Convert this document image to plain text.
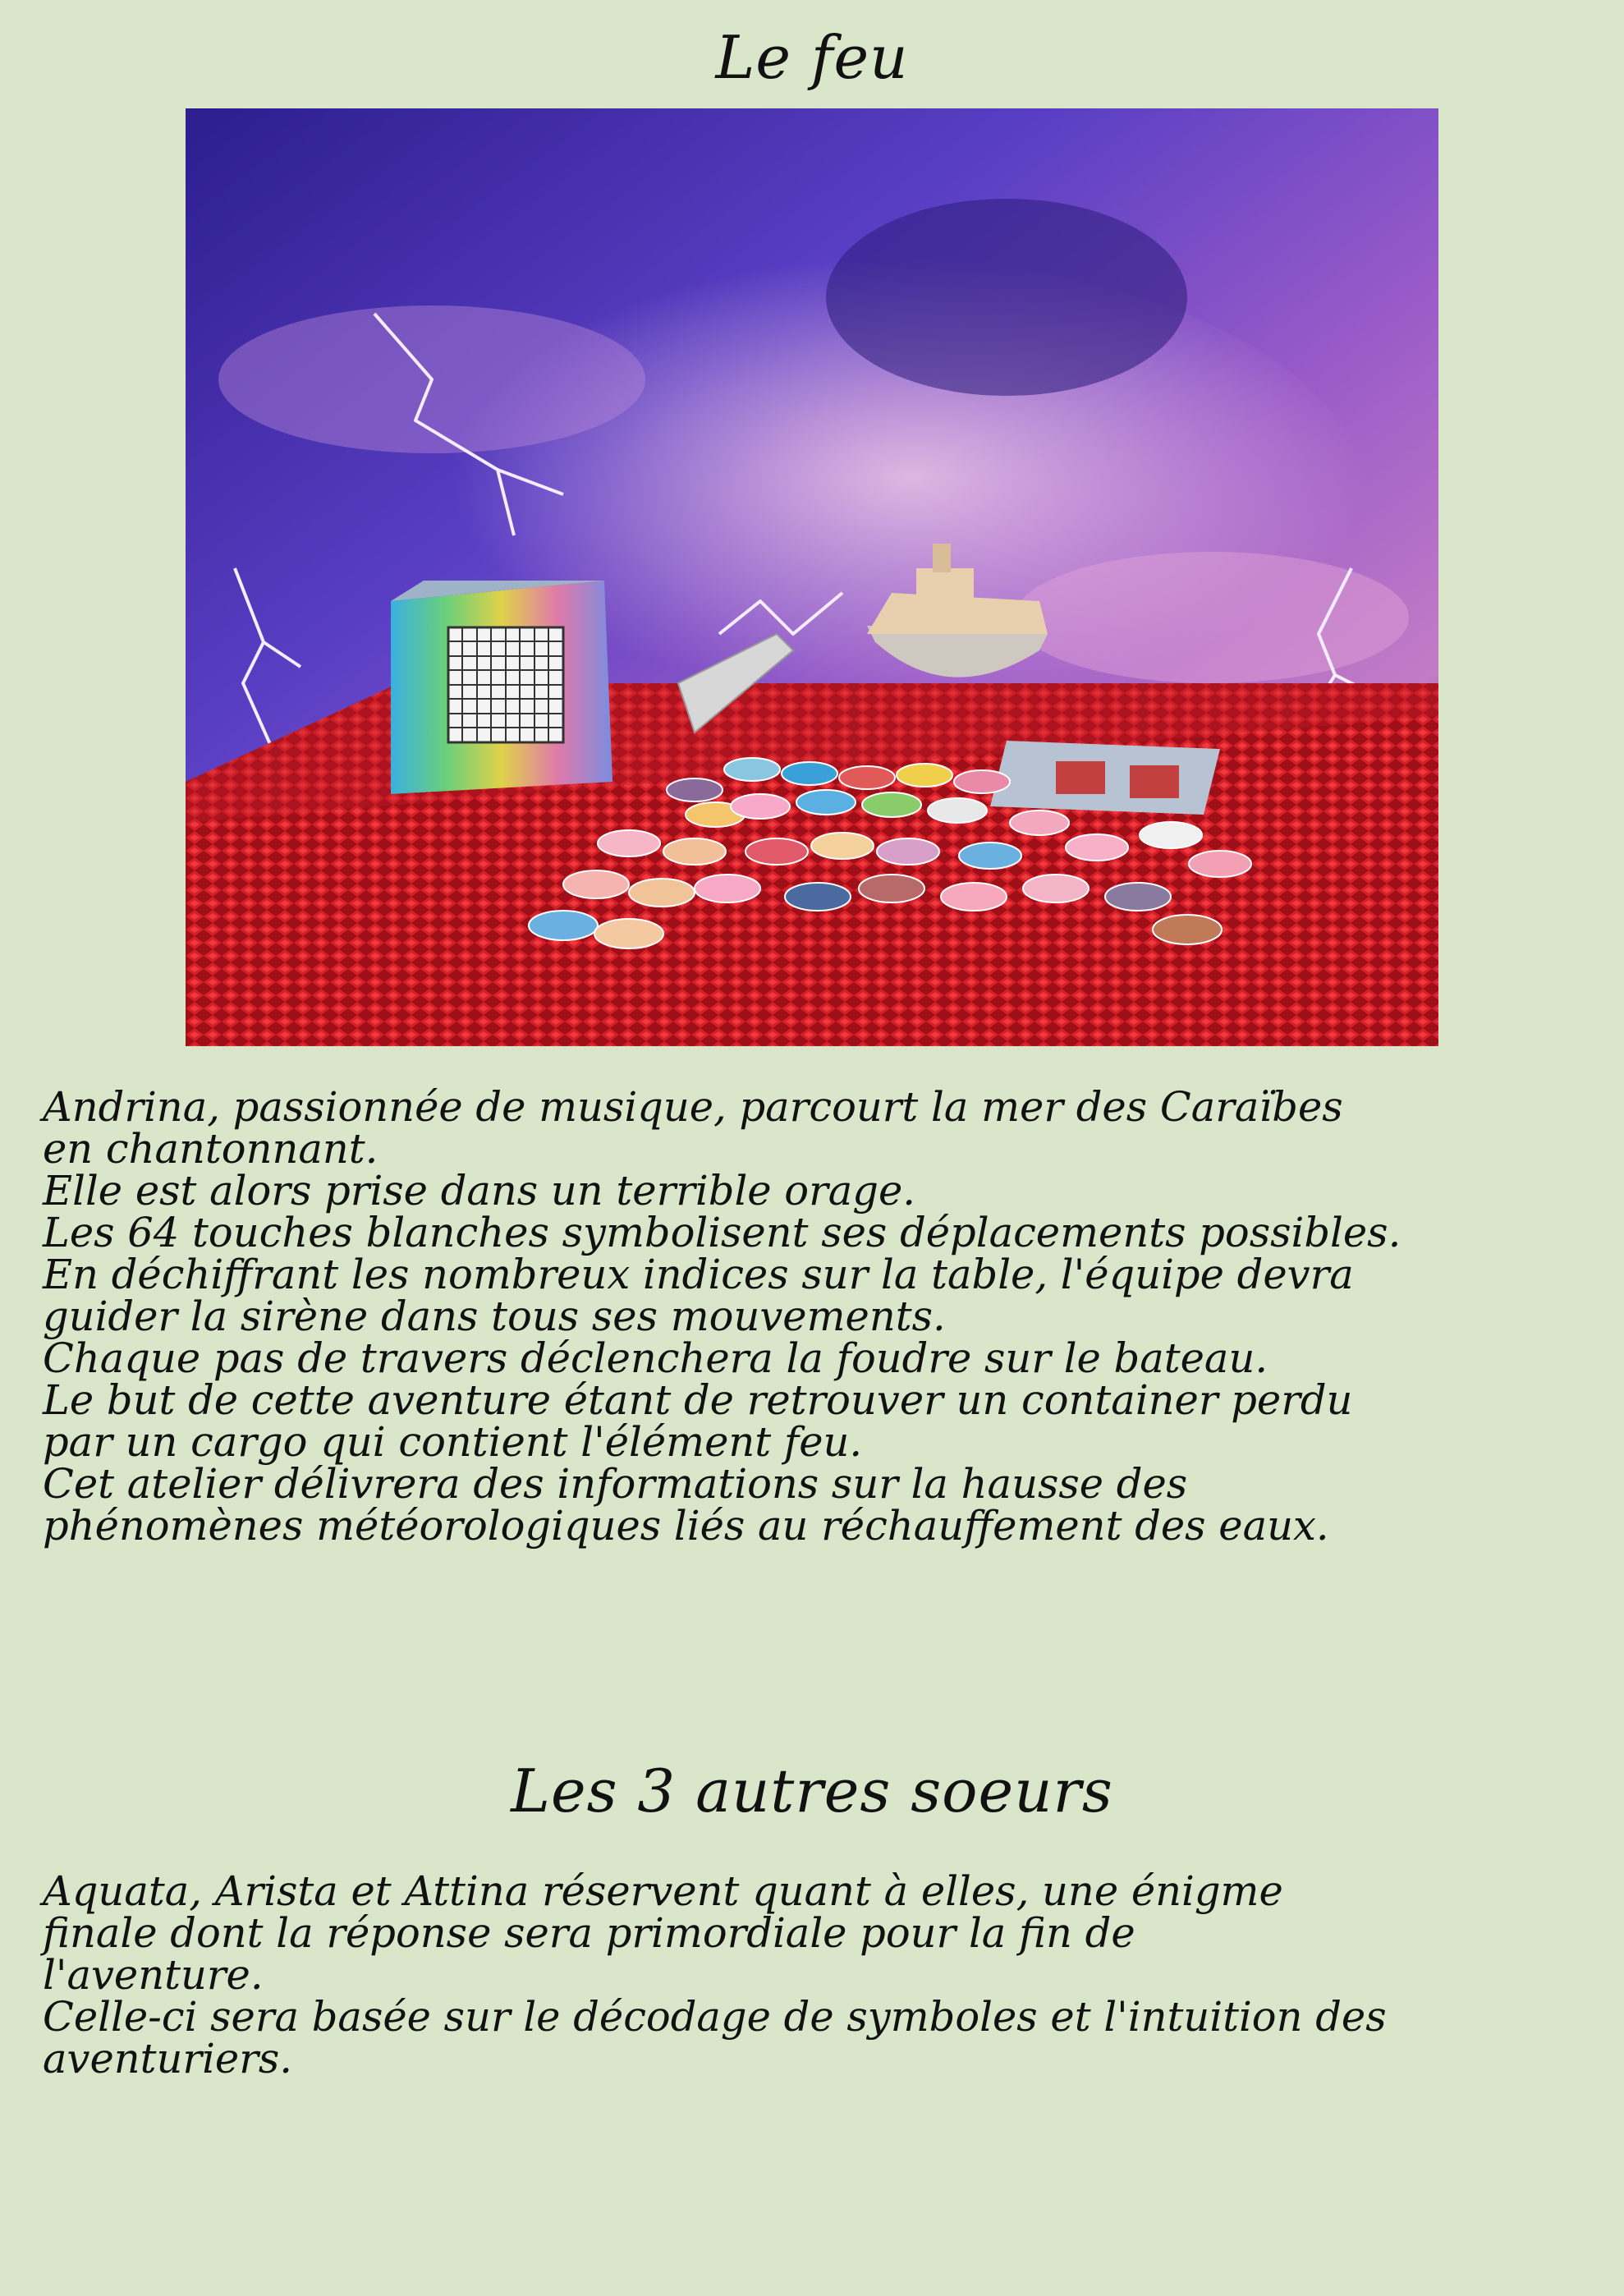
Le feu
Andrina, passionnée de musique, parcourt la mer des Caraïbes
en chantonnant.
Elle est alors prise dans un terrible orage.
Les 64 touches blanches symbolisent ses déplacements possibles.
En déchiffrant les nombreux indices sur la table, l'équipe devra
guider la sirène dans tous ses mouvements.
Chaque pas de travers déclenchera la foudre sur le bateau.
Le but de cette aventure étant de retrouver un container perdu
par un cargo qui contient l'élément feu.
Cet atelier délivrera des informations sur la hausse des
phénomènes météorologiques liés au réchauffement des eaux.
Les 3 autres soeurs
Aquata, Arista et Attina réservent quant à elles, une énigme
finale dont la réponse sera primordiale pour la fin de
l'aventure.
Celle-ci sera basée sur le décodage de symboles et l'intuition des
aventuriers.
